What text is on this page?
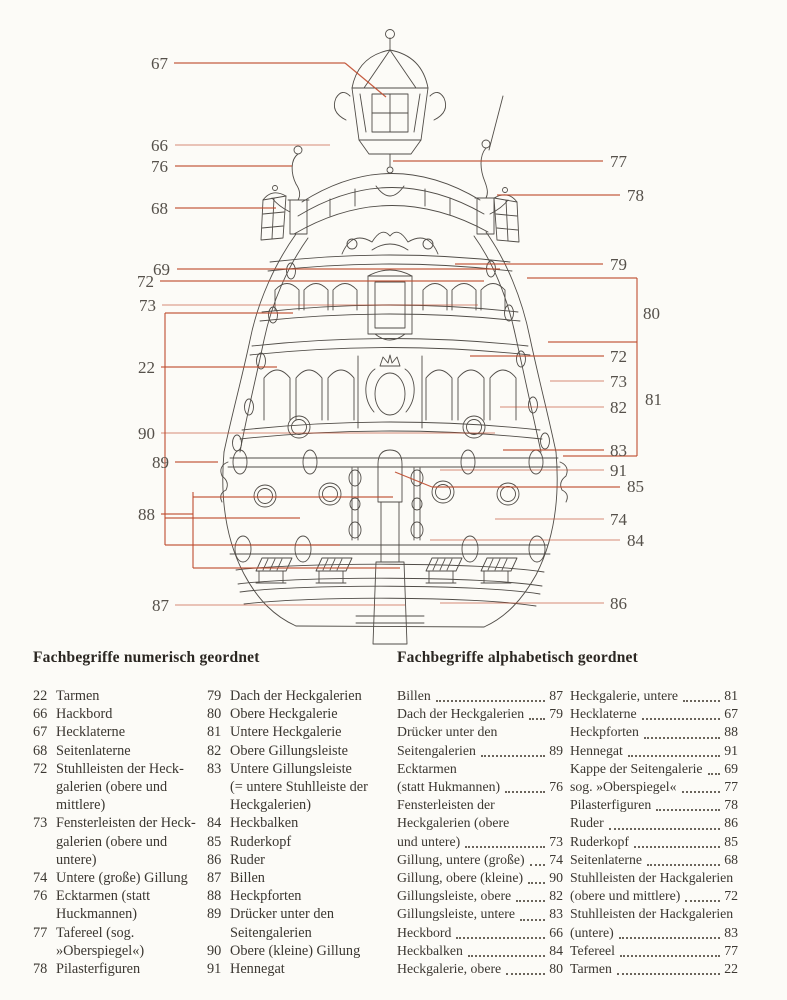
67
66
76
68
69
72
73
22
90
89
88
87
77
78
79
80
72
73
82 81
83
91
85
74
84
86
Fachbegriffe numerisch geordnet
22 Tarmen
66 Hackbord
67 Hecklaterne
68 Seitenlaterne
72 Stuhlleisten der Heck-
galerien (obere und
mittlere)
73 Fensterleisten der Heck-
galerien (obere und
untere)
74 Untere (große) Gillung
76 Ecktarmen (statt
Huckmannen)
77 Tafereel (sog.
»Oberspiegel«)
78 Pilasterfiguren
79 Dach der Heckgalerien
80 Obere Heckgalerie
81 Untere Heckgalerie
82 Obere Gillungsleiste
83 Untere Gillungsleiste
(= untere Stuhlleiste der
Heckgalerien)
84 Heckbalken
85 Ruderkopf
86 Ruder
87 Billen
88 Heckpforten
89 Drücker unter den
Seitengalerien
90 Obere (kleine) Gillung
91 Hennegat
Fachbegriffe alphabetisch geordnet
Billen	87
Dach der Heckgalerien 79
Drücker unter den
Seitengalerien	89
Ecktarmen
(statt Hukmannen)	76
Fensterleisten der
Heckgalerien (obere
und untere)	73
Gillung, untere (große) 74
Gillung, obere (kleine) 90
Gillungsleiste, obere	82
Gillungsleiste, untere 83
Heckbord	66
Heckbalken	84
Heckgalerie, obere	80
Heckgalerie, untere	81
Hecklaterne	67
Heckpforten	88
Hennegat	91
Kappe der Seitengalerie 69
sog. »Oberspiegel«	77
Pilasterfiguren	78
Ruder	86
Ruderkopf	85
Seitenlaterne	68
Stuhlleisten der Hackgalerien
(obere und mittlere)	72
Stuhlleisten der Hackgalerien
(untere)	83
Tefereel	77
Tarmen	22
